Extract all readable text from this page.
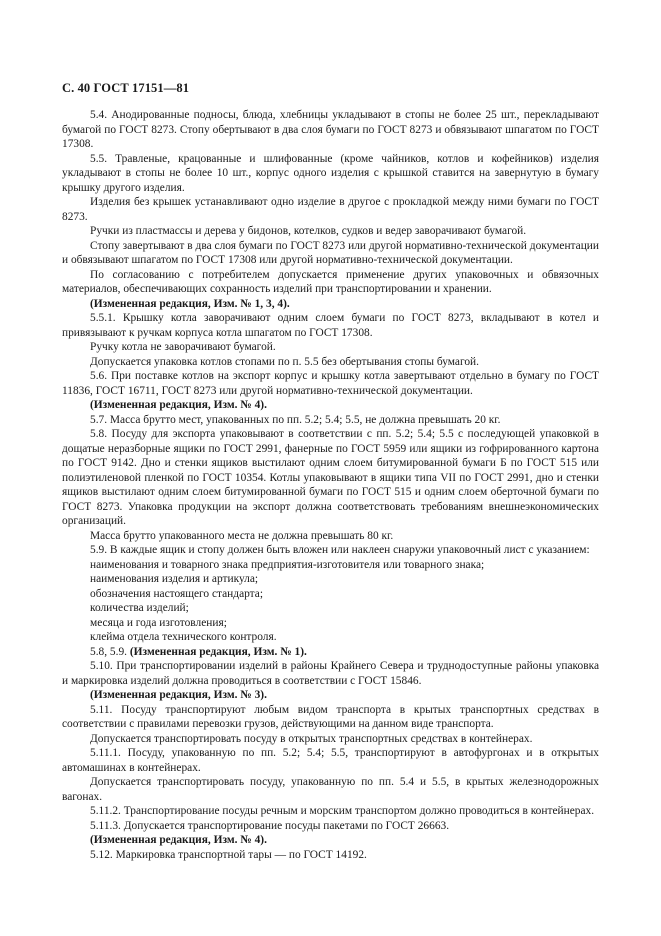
С. 40 ГОСТ 17151—81

5.4. Анодированные подносы, блюда, хлебницы укладывают в стопы не более 25 шт., перекладывают бумагой по ГОСТ 8273. Стопу обертывают в два слоя бумаги по ГОСТ 8273 и обвязывают шпагатом по ГОСТ 17308.

5.5. Травленые, крацованные и шлифованные (кроме чайников, котлов и кофейников) изделия укладывают в стопы не более 10 шт., корпус одного изделия с крышкой ставится на завернутую в бумагу крышку другого изделия.

Изделия без крышек устанавливают одно изделие в другое с прокладкой между ними бумаги по ГОСТ 8273.

Ручки из пластмассы и дерева у бидонов, котелков, судков и ведер заворачивают бумагой.

Стопу завертывают в два слоя бумаги по ГОСТ 8273 или другой нормативно-технической документации и обвязывают шпагатом по ГОСТ 17308 или другой нормативно-технической документации.

По согласованию с потребителем допускается применение других упаковочных и обвязочных материалов, обеспечивающих сохранность изделий при транспортировании и хранении.

(Измененная редакция, Изм. № 1, 3, 4).

5.5.1. Крышку котла заворачивают одним слоем бумаги по ГОСТ 8273, вкладывают в котел и привязывают к ручкам корпуса котла шпагатом по ГОСТ 17308.

Ручку котла не заворачивают бумагой.

Допускается упаковка котлов стопами по п. 5.5 без обертывания стопы бумагой.

5.6. При поставке котлов на экспорт корпус и крышку котла завертывают отдельно в бумагу по ГОСТ 11836, ГОСТ 16711, ГОСТ 8273 или другой нормативно-технической документации.

(Измененная редакция, Изм. № 4).

5.7. Масса брутто мест, упакованных по пп. 5.2; 5.4; 5.5, не должна превышать 20 кг.

5.8. Посуду для экспорта упаковывают в соответствии с пп. 5.2; 5.4; 5.5 с последующей упаковкой в дощатые неразборные ящики по ГОСТ 2991, фанерные по ГОСТ 5959 или ящики из гофрированного картона по ГОСТ 9142. Дно и стенки ящиков выстилают одним слоем битумированной бумаги Б по ГОСТ 515 или полиэтиленовой пленкой по ГОСТ 10354. Котлы упаковывают в ящики типа VII по ГОСТ 2991, дно и стенки ящиков выстилают одним слоем битумированной бумаги по ГОСТ 515 и одним слоем оберточной бумаги по ГОСТ 8273. Упаковка продукции на экспорт должна соответствовать требованиям внешнеэкономических организаций.

Масса брутто упакованного места не должна превышать 80 кг.

5.9. В каждые ящик и стопу должен быть вложен или наклеен снаружи упаковочный лист с указанием:

наименования и товарного знака предприятия-изготовителя или товарного знака;

наименования изделия и артикула;

обозначения настоящего стандарта;

количества изделий;

месяца и года изготовления;

клейма отдела технического контроля.

5.8, 5.9. (Измененная редакция, Изм. № 1).

5.10. При транспортировании изделий в районы Крайнего Севера и труднодоступные районы упаковка и маркировка изделий должна проводиться в соответствии с ГОСТ 15846.

(Измененная редакция, Изм. № 3).

5.11. Посуду транспортируют любым видом транспорта в крытых транспортных средствах в соответствии с правилами перевозки грузов, действующими на данном виде транспорта.

Допускается транспортировать посуду в открытых транспортных средствах в контейнерах.

5.11.1. Посуду, упакованную по пп. 5.2; 5.4; 5.5, транспортируют в автофургонах и в открытых автомашинах в контейнерах.

Допускается транспортировать посуду, упакованную по пп. 5.4 и 5.5, в крытых железнодорожных вагонах.

5.11.2. Транспортирование посуды речным и морским транспортом должно проводиться в контейнерах.

5.11.3. Допускается транспортирование посуды пакетами по ГОСТ 26663.

(Измененная редакция, Изм. № 4).

5.12. Маркировка транспортной тары — по ГОСТ 14192.
